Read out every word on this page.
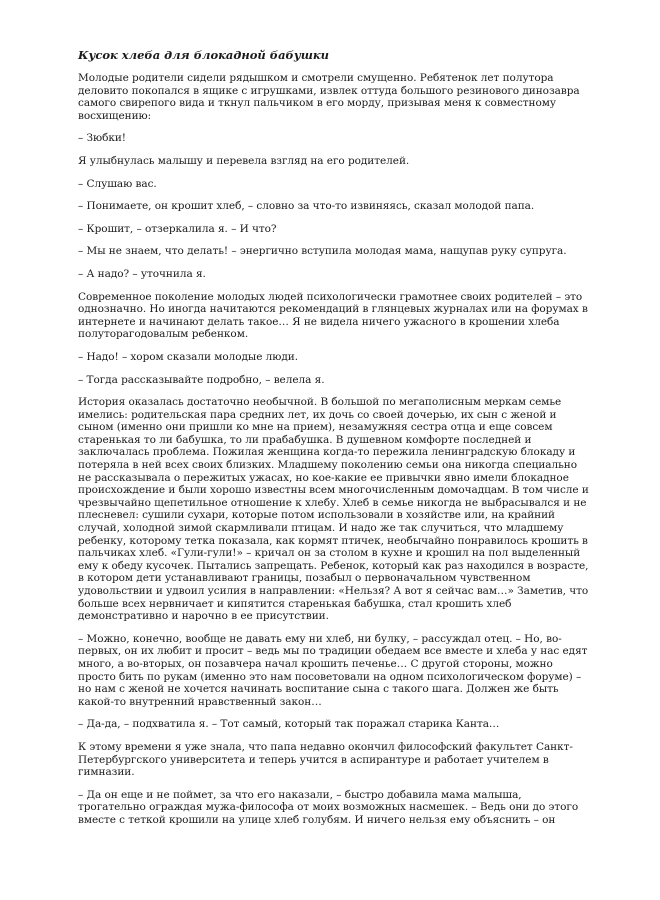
Кусок хлеба для блокадной бабушки

Молодые родители сидели рядышком и смотрели смущенно. Ребятенок лет полутора деловито покопался в ящике с игрушками, извлек оттуда большого резинового динозавра самого свирепого вида и ткнул пальчиком в его морду, призывая меня к совместному восхищению:

– Зюбки!

Я улыбнулась малышу и перевела взгляд на его родителей.

– Слушаю вас.

– Понимаете, он крошит хлеб, – словно за что-то извиняясь, сказал молодой папа.

– Крошит, – отзеркалила я. – И что?

– Мы не знаем, что делать! – энергично вступила молодая мама, нащупав руку супруга.

– А надо? – уточнила я.

Современное поколение молодых людей психологически грамотнее своих родителей – это однозначно. Но иногда начитаются рекомендаций в глянцевых журналах или на форумах в интернете и начинают делать такое… Я не видела ничего ужасного в крошении хлеба полуторагодовалым ребенком.

– Надо! – хором сказали молодые люди.

– Тогда рассказывайте подробно, – велела я.

История оказалась достаточно необычной. В большой по мегаполисным меркам семье имелись: родительская пара средних лет, их дочь со своей дочерью, их сын с женой и сыном (именно они пришли ко мне на прием), незамужняя сестра отца и еще совсем старенькая то ли бабушка, то ли прабабушка. В душевном комфорте последней и заключалась проблема. Пожилая женщина когда-то пережила ленинградскую блокаду и потеряла в ней всех своих близких. Младшему поколению семьи она никогда специально не рассказывала о пережитых ужасах, но кое-какие ее привычки явно имели блокадное происхождение и были хорошо известны всем многочисленным домочадцам. В том числе и чрезвычайно щепетильное отношение к хлебу. Хлеб в семье никогда не выбрасывался и не плесневел: сушили сухари, которые потом использовали в хозяйстве или, на крайний случай, холодной зимой скармливали птицам. И надо же так случиться, что младшему ребенку, которому тетка показала, как кормят птичек, необычайно понравилось крошить в пальчиках хлеб. «Гули-гули!» – кричал он за столом в кухне и крошил на пол выделенный ему к обеду кусочек. Пытались запрещать. Ребенок, который как раз находился в возрасте, в котором дети устанавливают границы, позабыл о первоначальном чувственном удовольствии и удвоил усилия в направлении: «Нельзя? А вот я сейчас вам…» Заметив, что больше всех нервничает и кипятится старенькая бабушка, стал крошить хлеб демонстративно и нарочно в ее присутствии.

– Можно, конечно, вообще не давать ему ни хлеб, ни булку, – рассуждал отец. – Но, во-первых, он их любит и просит – ведь мы по традиции обедаем все вместе и хлеба у нас едят много, а во-вторых, он позавчера начал крошить печенье… С другой стороны, можно просто бить по рукам (именно это нам посоветовали на одном психологическом форуме) – но нам с женой не хочется начинать воспитание сына с такого шага. Должен же быть какой-то внутренний нравственный закон…

– Да-да, – подхватила я. – Тот самый, который так поражал старика Канта…

К этому времени я уже знала, что папа недавно окончил философский факультет Санкт-Петербургского университета и теперь учится в аспирантуре и работает учителем в гимназии.

– Да он еще и не поймет, за что его наказали, – быстро добавила мама малыша, трогательно ограждая мужа-философа от моих возможных насмешек. – Ведь они до этого вместе с теткой крошили на улице хлеб голубям. И ничего нельзя ему объяснить – он
